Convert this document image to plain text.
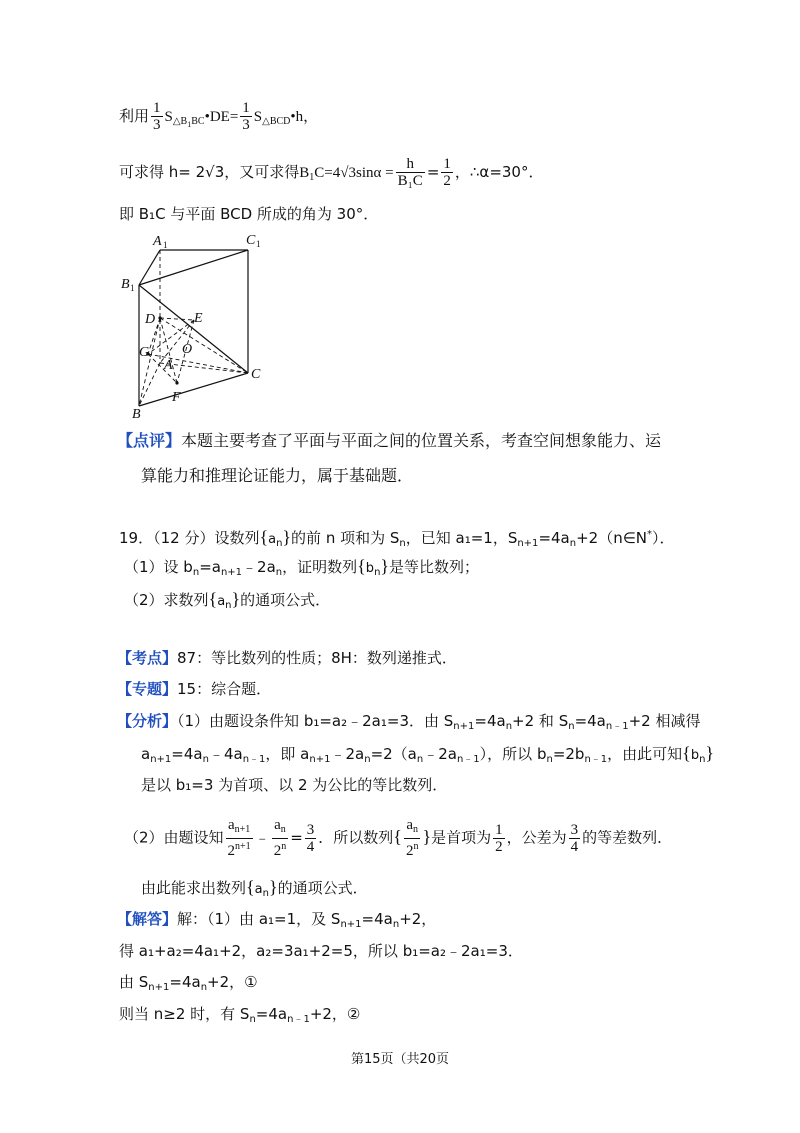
利用 $\frac{1}{3}$ $S_{\triangle B1BC}•DE= \frac{1}{3}$ $S_{\triangle BCD}•h$，
可求得 h= 2√3，又可求得$B_1C=4√3\sin\alpha = \frac{h}{\text{B₁C}} = \frac{1}{2}$ ，∴α=30°．
即 B₁C 与平面 BCD 所成的角为 30°．
A 1	C 1
B 1
D	E
G O
A
C
B
F
【点评】本题主要考查了平面与平面之间的位置关系，考查空间想象能力、运
算能力和推理论证能力，属于基础题．
19．（12 分）设数列$\{a_n\}$的前 n 项和为 $S_n$，已知 a₁=1，$S_{n+1}=4a_n+2(n\in N^*)$．
（1）设 $b_n=a_{n+1}﹣2a_n$，证明数列$\{b_n\}$是等比数列；
（2）求数列$\{a_n\}$的通项公式．
【考点】87：等比数列的性质；8H：数列递推式．
【专题】15：综合题．
【分析】（1）由题设条件知 b₁=a₂﹣2a₁=3．由 $S_{n+1}=4a_n+2$ 和 $S_n=4a_{n﹣1}+2$ 相减得
$a_{n+1}=4a_n﹣4a_{n﹣1}$，即 $a_{n+1}﹣2a_n=2(a_n﹣2a_{n﹣1})$，所以 $b_n=2b_{n﹣1}$，由此可知$\{b_n\}$
是以 b₁=3 为首项、以 2 为公比的等比数列．
（2）由题设知 $\frac{a_{n+1}}{2^{n+1}}$ ﹣ $\frac{a_n}{2^n} = \frac{3}{4}$ ．所以数列{ $\frac{a_n}{2^n}$ }是首项为 $\frac{1}{2}$ ，公差为 $\frac{3}{4}$ 的等差数列．
由此能求出数列$\{a_n\}$的通项公式．
【解答】解：（1）由 a₁=1，及 $S_{n+1}=4a_n+2$，
得 a₁+a₂=4a₁+2，a₂=3a₁+2=5，所以 b₁=a₂﹣2a₁=3．
由 $S_{n+1}=4a_n+2$，①
则当 n≥2 时，有 $S_n=4a_{n﹣1}+2$，②
第15页（共20页
